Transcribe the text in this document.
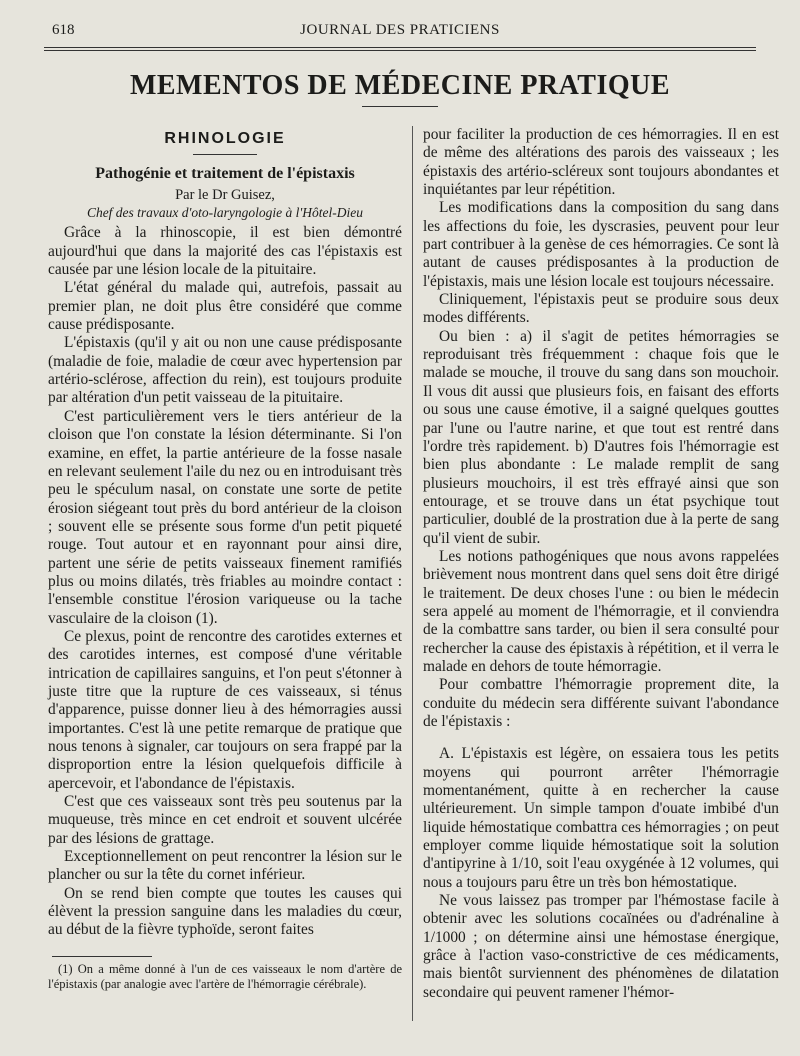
618	JOURNAL DES PRATICIENS
MEMENTOS DE MÉDECINE PRATIQUE

RHINOLOGIE

Pathogénie et traitement de l'épistaxis

Par le Dr Guisez,

Chef des travaux d'oto-laryngologie à l'Hôtel-Dieu

Grâce à la rhinoscopie, il est bien démontré aujourd'hui que dans la majorité des cas l'épistaxis est causée par une lésion locale de la pituitaire.

L'état général du malade qui, autrefois, passait au premier plan, ne doit plus être considéré que comme cause prédisposante.

L'épistaxis (qu'il y ait ou non une cause prédisposante (maladie de foie, maladie de cœur avec hypertension par artério-sclérose, affection du rein), est toujours produite par altération d'un petit vaisseau de la pituitaire.

C'est particulièrement vers le tiers antérieur de la cloison que l'on constate la lésion déterminante. Si l'on examine, en effet, la partie antérieure de la fosse nasale en relevant seulement l'aile du nez ou en introduisant très peu le spéculum nasal, on constate une sorte de petite érosion siégeant tout près du bord antérieur de la cloison ; souvent elle se présente sous forme d'un petit piqueté rouge. Tout autour et en rayonnant pour ainsi dire, partent une série de petits vaisseaux finement ramifiés plus ou moins dilatés, très friables au moindre contact : l'ensemble constitue l'érosion variqueuse ou la tache vasculaire de la cloison (1).

Ce plexus, point de rencontre des carotides externes et des carotides internes, est composé d'une véritable intrication de capillaires sanguins, et l'on peut s'étonner à juste titre que la rupture de ces vaisseaux, si ténus d'apparence, puisse donner lieu à des hémorragies aussi importantes. C'est là une petite remarque de pratique que nous tenons à signaler, car toujours on sera frappé par la disproportion entre la lésion quelquefois difficile à apercevoir, et l'abondance de l'épistaxis.

C'est que ces vaisseaux sont très peu soutenus par la muqueuse, très mince en cet endroit et souvent ulcérée par des lésions de grattage.

Exceptionnellement on peut rencontrer la lésion sur le plancher ou sur la tête du cornet inférieur.

On se rend bien compte que toutes les causes qui élèvent la pression sanguine dans les maladies du cœur, au début de la fièvre typhoïde, seront faites

pour faciliter la production de ces hémorragies. Il en est de même des altérations des parois des vaisseaux ; les épistaxis des artério-scléreux sont toujours abondantes et inquiétantes par leur répétition.

Les modifications dans la composition du sang dans les affections du foie, les dyscrasies, peuvent pour leur part contribuer à la genèse de ces hémorragies. Ce sont là autant de causes prédisposantes à la production de l'épistaxis, mais une lésion locale est toujours nécessaire.

Cliniquement, l'épistaxis peut se produire sous deux modes différents.

Ou bien : a) il s'agit de petites hémorragies se reproduisant très fréquemment : chaque fois que le malade se mouche, il trouve du sang dans son mouchoir. Il vous dit aussi que plusieurs fois, en faisant des efforts ou sous une cause émotive, il a saigné quelques gouttes par l'une ou l'autre narine, et que tout est rentré dans l'ordre très rapidement. b) D'autres fois l'hémorragie est bien plus abondante : Le malade remplit de sang plusieurs mouchoirs, il est très effrayé ainsi que son entourage, et se trouve dans un état psychique tout particulier, doublé de la prostration due à la perte de sang qu'il vient de subir.

Les notions pathogéniques que nous avons rappelées brièvement nous montrent dans quel sens doit être dirigé le traitement. De deux choses l'une : ou bien le médecin sera appelé au moment de l'hémorragie, et il conviendra de la combattre sans tarder, ou bien il sera consulté pour rechercher la cause des épistaxis à répétition, et il verra le malade en dehors de toute hémorragie.

Pour combattre l'hémorragie proprement dite, la conduite du médecin sera différente suivant l'abondance de l'épistaxis :

A. L'épistaxis est légère, on essaiera tous les petits moyens qui pourront arrêter l'hémorragie momentanément, quitte à en rechercher la cause ultérieurement. Un simple tampon d'ouate imbibé d'un liquide hémostatique combattra ces hémorragies ; on peut employer comme liquide hémostatique soit la solution d'antipyrine à 1/10, soit l'eau oxygénée à 12 volumes, qui nous a toujours paru être un très bon hémostatique.

Ne vous laissez pas tromper par l'hémostase facile à obtenir avec les solutions cocaïnées ou d'adrénaline à 1/1000 ; on détermine ainsi une hémostase énergique, grâce à l'action vaso-constrictive de ces médicaments, mais bientôt surviennent des phénomènes de dilatation secondaire qui peuvent ramener l'hémor-

(1) On a même donné à l'un de ces vaisseaux le nom d'artère de l'épistaxis (par analogie avec l'artère de l'hémorragie cérébrale).
